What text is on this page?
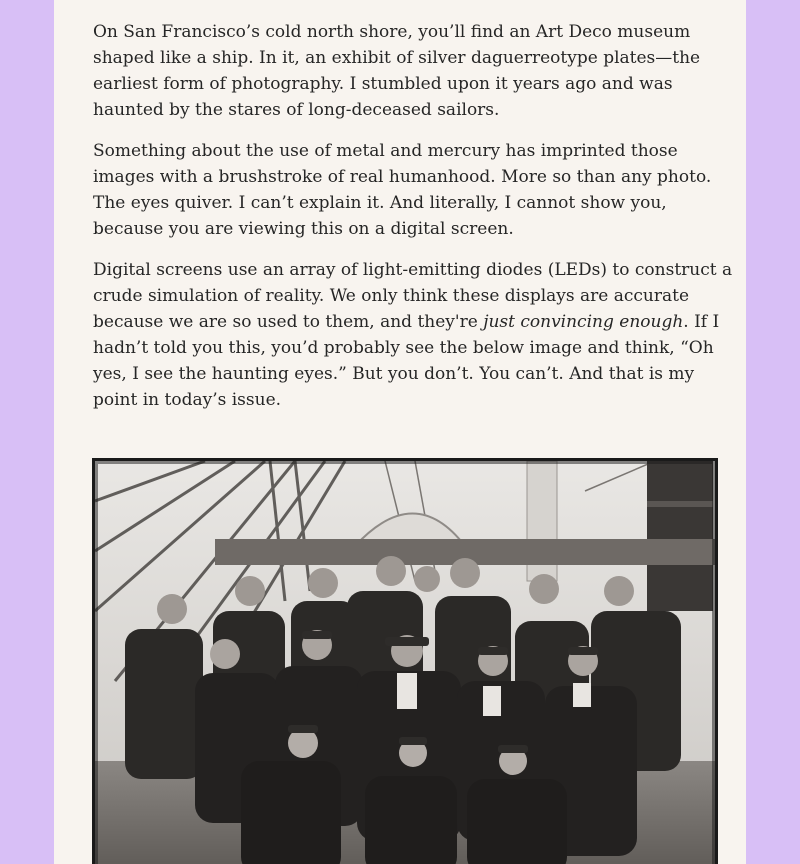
On San Francisco’s cold north shore, you’ll find an Art Deco museum shaped like a ship. In it, an exhibit of silver daguerreotype plates—the earliest form of photography. I stumbled upon it years ago and was haunted by the stares of long-deceased sailors.

Something about the use of metal and mercury has imprinted those images with a brushstroke of real humanhood. More so than any photo. The eyes quiver. I can’t explain it. And literally, I cannot show you, because you are viewing this on a digital screen.

Digital screens use an array of light-emitting diodes (LEDs) to construct a crude simulation of reality. We only think these displays are accurate because we are so used to them, and they're just convincing enough. If I hadn’t told you this, you’d probably see the below image and think, “Oh yes, I see the haunting eyes.” But you don’t. You can’t. And that is my point in today’s issue.
